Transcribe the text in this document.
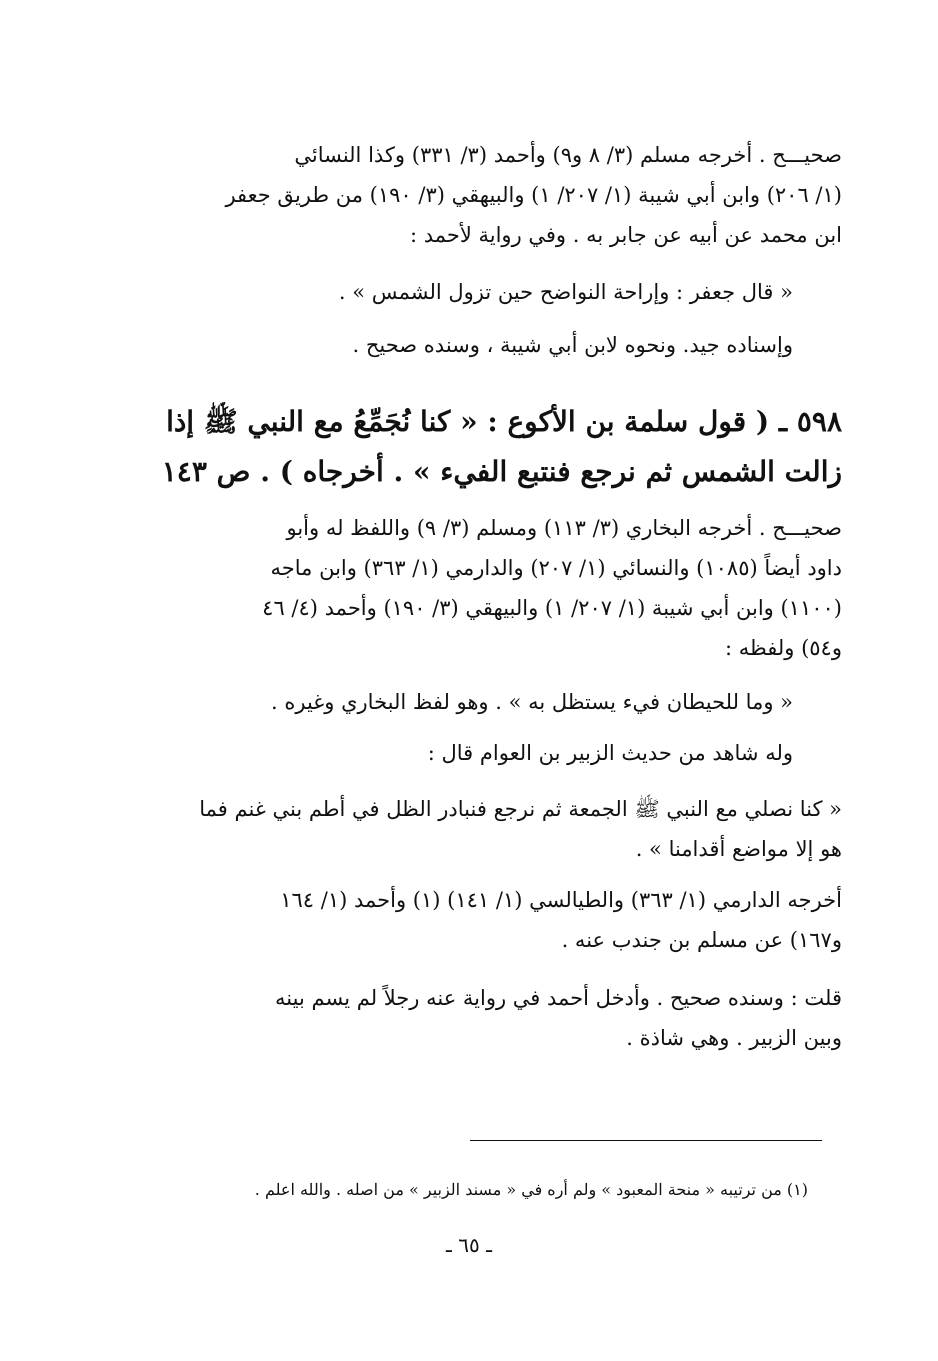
صحيـــح . أخرجه مسلم (٣/ ٨ و٩) وأحمد (٣/ ٣٣١) وكذا النسائي
(١/ ٢٠٦) وابن أبي شيبة (١/ ٢٠٧/ ١) والبيهقي (٣/ ١٩٠) من طريق جعفر
ابن محمد عن أبيه عن جابر به . وفي رواية لأحمد :
« قال جعفر : وإراحة النواضح حين تزول الشمس » .
وإسناده جيد. ونحوه لابن أبي شيبة ، وسنده صحيح .
٥٩٨ ـ ( قول سلمة بن الأكوع : « كنا نُجَمِّعُ مع النبي ﷺ إذا
زالت الشمس ثم نرجع فنتبع الفيء » . أخرجاه ) . ص ١٤٣
صحيـــح . أخرجه البخاري (٣/ ١١٣) ومسلم (٣/ ٩) واللفظ له وأبو
داود أيضاً (١٠٨٥) والنسائي (١/ ٢٠٧) والدارمي (١/ ٣٦٣) وابن ماجه
(١١٠٠) وابن أبي شيبة (١/ ٢٠٧/ ١) والبيهقي (٣/ ١٩٠) وأحمد (٤/ ٤٦
و٥٤) ولفظه :
« وما للحيطان فيء يستظل به » . وهو لفظ البخاري وغيره .
وله شاهد من حديث الزبير بن العوام قال :
« كنا نصلي مع النبي ﷺ الجمعة ثم نرجع فنبادر الظل في أطم بني غنم فما
هو إلا مواضع أقدامنا » .
أخرجه الدارمي (١/ ٣٦٣) والطيالسي (١/ ١٤١) (١) وأحمد (١/ ١٦٤
و١٦٧) عن مسلم بن جندب عنه .
قلت : وسنده صحيح . وأدخل أحمد في رواية عنه رجلاً لم يسم بينه
وبين الزبير . وهي شاذة .
(١) من ترتيبه « منحة المعبود » ولم أره في « مسند الزبير » من اصله . والله اعلم .
ـ ٦٥ ـ
